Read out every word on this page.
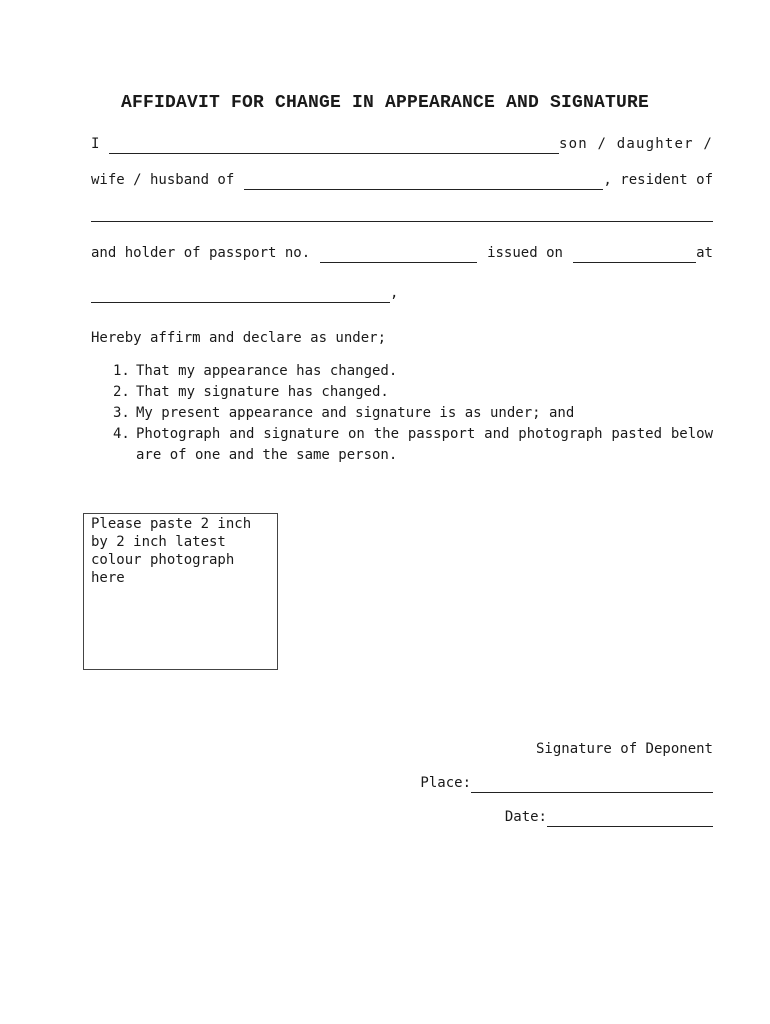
AFFIDAVIT FOR CHANGE IN APPEARANCE AND SIGNATURE
I	son / daughter /
wife / husband of	, resident of
and holder of passport no.	issued on	at
,
Hereby affirm and declare as under;
1. That my appearance has changed.
2. That my signature has changed.
3. My present appearance and signature is as under; and
4. Photograph and signature on the passport and photograph pasted below are of one and the same person.
Please paste 2 inch
by 2 inch latest
colour photograph
here
Signature of Deponent
Place:
Date:
